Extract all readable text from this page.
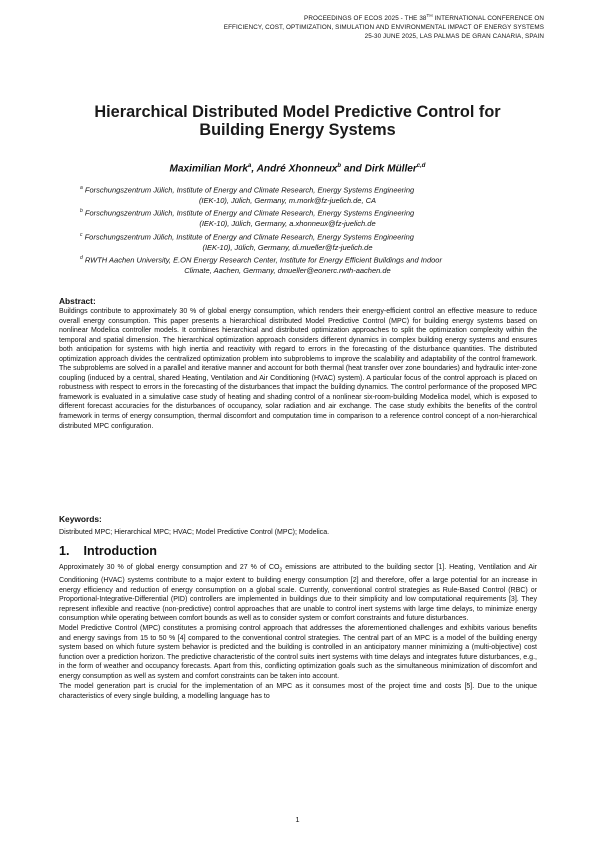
PROCEEDINGS OF ECOS 2025 - THE 38TH INTERNATIONAL CONFERENCE ON
EFFICIENCY, COST, OPTIMIZATION, SIMULATION AND ENVIRONMENTAL IMPACT OF ENERGY SYSTEMS
25-30 JUNE 2025, LAS PALMAS DE GRAN CANARIA, SPAIN
Hierarchical Distributed Model Predictive Control for
Building Energy Systems
Maximilian Mork$^a$, André Xhonneux$^b$ and Dirk Müller$^{c,d}$
$^a$ Forschungszentrum Jülich, Institute of Energy and Climate Research, Energy Systems Engineering
(IEK-10), Jülich, Germany, m.mork@fz-juelich.de, CA
$^b$ Forschungszentrum Jülich, Institute of Energy and Climate Research, Energy Systems Engineering
(IEK-10), Jülich, Germany, a.xhonneux@fz-juelich.de
$^c$ Forschungszentrum Jülich, Institute of Energy and Climate Research, Energy Systems Engineering
(IEK-10), Jülich, Germany, di.mueller@fz-juelich.de
$^d$ RWTH Aachen University, E.ON Energy Research Center, Institute for Energy Efficient Buildings and Indoor
Climate, Aachen, Germany, dmueller@eonerc.rwth-aachen.de
Abstract:

Buildings contribute to approximately 30 % of global energy consumption, which renders their energy-efficient control an effective measure to reduce overall energy consumption. This paper presents a hierarchical distributed Model Predictive Control (MPC) for building energy systems based on nonlinear Modelica controller models. It combines hierarchical and distributed optimization approaches to split the optimization complexity within the temporal and spatial dimension. The hierarchical optimization approach considers different dynamics in complex building energy systems and ensures both anticipation for systems with high inertia and reactivity with regard to errors in the forecasting of the disturbance quantities. The distributed optimization approach divides the centralized optimization problem into subproblems to improve the scalability and adaptability of the control framework. The subproblems are solved in a parallel and iterative manner and account for both thermal (heat transfer over zone boundaries) and hydraulic inter-zone coupling (induced by a central, shared Heating, Ventilation and Air Conditioning (HVAC) system). A particular focus of the control approach is placed on robustness with respect to errors in the forecasting of the disturbances that impact the building dynamics. The control performance of the proposed MPC framework is evaluated in a simulative case study of heating and shading control of a nonlinear six-room-building Modelica model, which is exposed to different forecast accuracies for the disturbances of occupancy, solar radiation and air exchange. The case study exhibits the benefits of the control framework in terms of energy consumption, thermal discomfort and computation time in comparison to a reference control concept of a non-hierarchical distributed MPC configuration.

Keywords:
Distributed MPC; Hierarchical MPC; HVAC; Model Predictive Control (MPC); Modelica.
1. Introduction

Approximately 30 % of global energy consumption and 27 % of $CO_2$ emissions are attributed to the building sector [1]. Heating, Ventilation and Air Conditioning (HVAC) systems contribute to a major extent to building energy consumption [2] and therefore, offer a large potential for an increase in energy efficiency and reduction of energy consumption on a global scale. Currently, conventional control strategies as Rule-Based Control (RBC) or Proportional-Integrative-Differential (PID) controllers are implemented in buildings due to their simplicity and low computational requirements [3]. They represent inflexible and reactive (non-predictive) control approaches that are unable to control inert systems with large time delays, to minimize energy consumption while operating between comfort bounds as well as to consider system or comfort constraints and future disturbances.

Model Predictive Control (MPC) constitutes a promising control approach that addresses the aforementioned challenges and exhibits various benefits and energy savings from 15 to 50 % [4] compared to the conventional control strategies. The central part of an MPC is a model of the building energy system based on which future system behavior is predicted and the building is controlled in an anticipatory manner minimizing a (multi-objective) cost function over a prediction horizon. The predictive characteristic of the control suits inert systems with time delays and integrates future disturbances, e.g., in the form of weather and occupancy forecasts. Apart from this, conflicting optimization goals such as the simultaneous minimization of discomfort and energy consumption as well as system and comfort constraints can be taken into account.

The model generation part is crucial for the implementation of an MPC as it consumes most of the project time and costs [5]. Due to the unique characteristics of every single building, a modelling language has to

1
